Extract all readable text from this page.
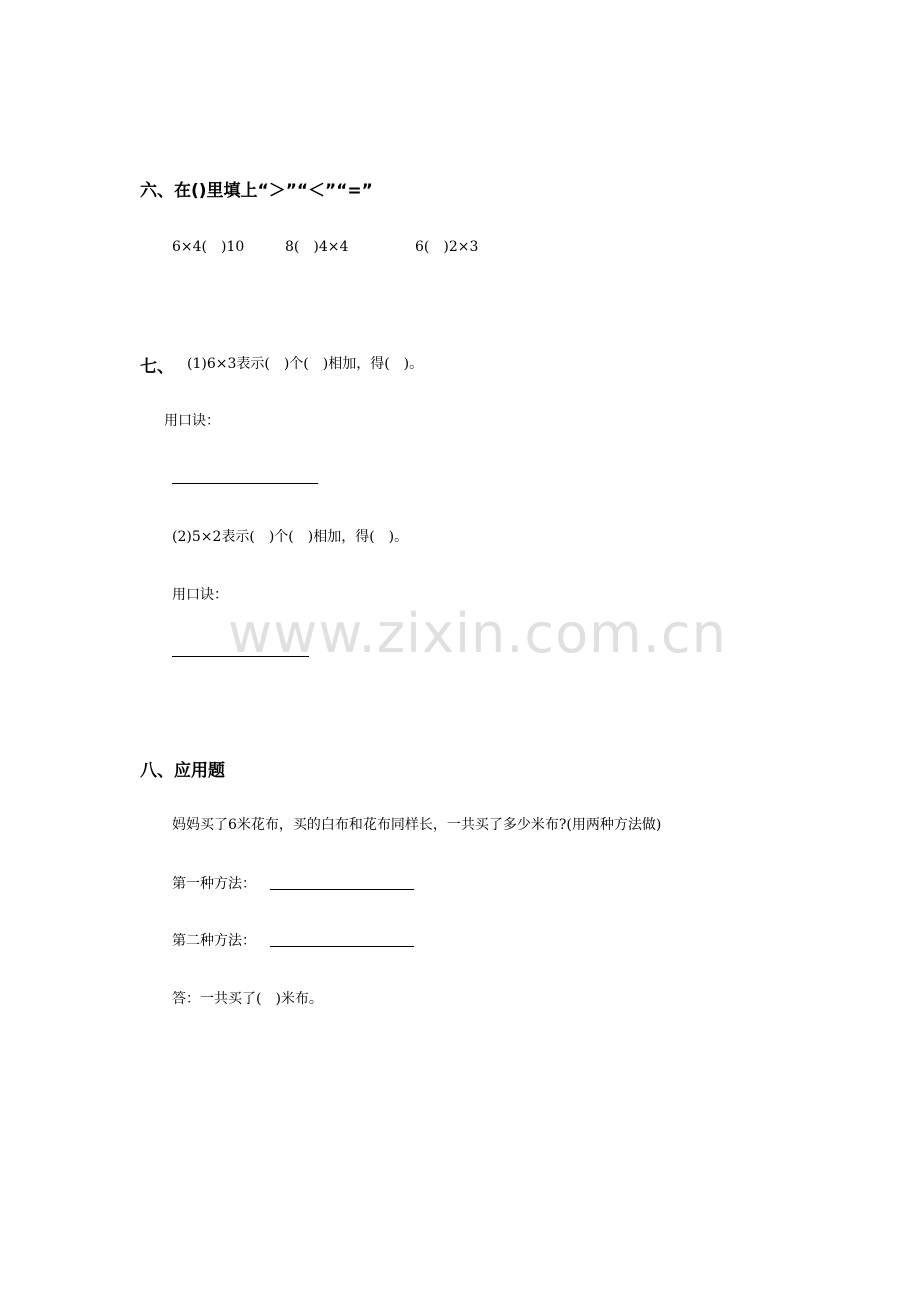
六、在()里填上“＞”“＜”“=”
6×4(　)10	8(　)4×4	6(　)2×3
七、 (1)6×3表示(　)个(　)相加，得(　)。
用口诀：
(2)5×2表示(　)个(　)相加，得(　)。
用口诀：
www.zixin.com.cn
八、应用题
妈妈买了6米花布，买的白布和花布同样长，一共买了多少米布?(用两种方法做)
第一种方法：
第二种方法：
答：一共买了(　)米布。
